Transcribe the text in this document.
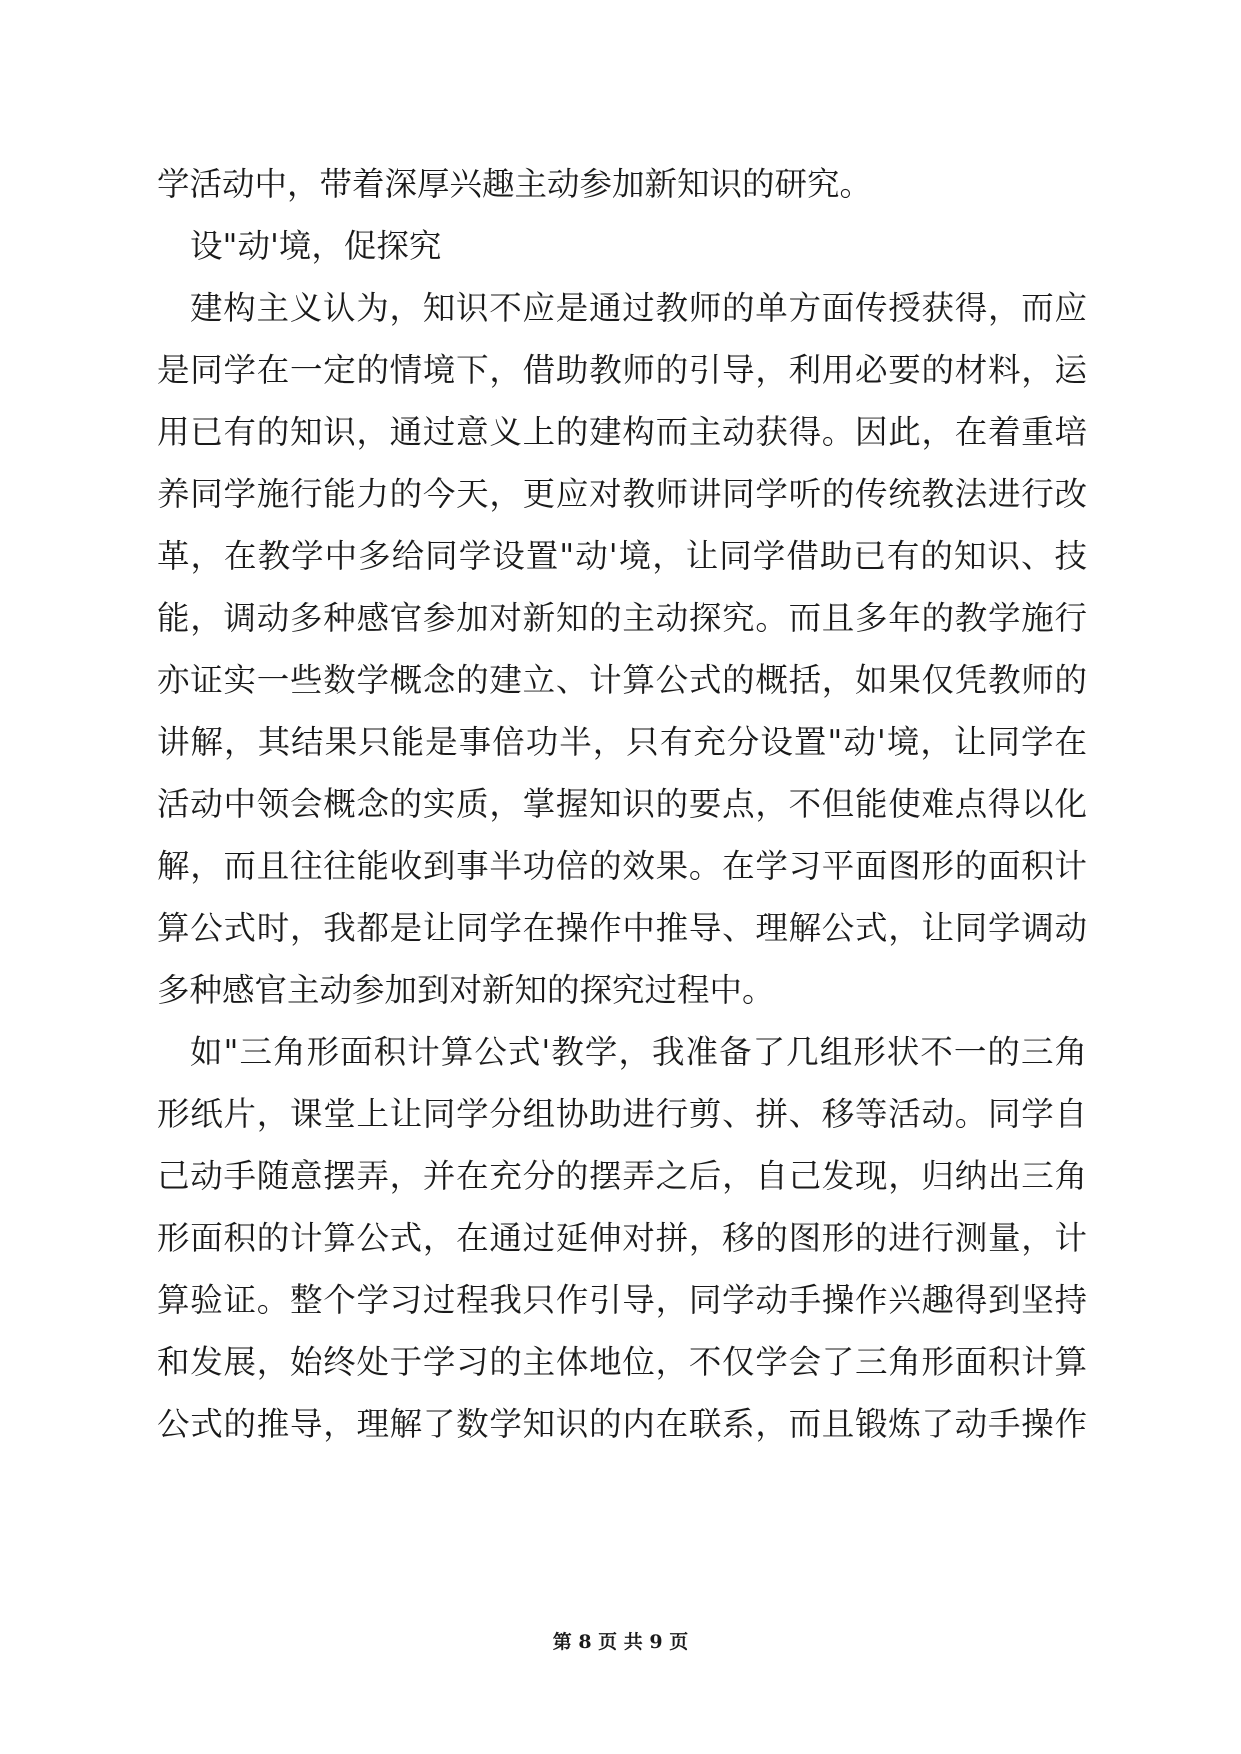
学活动中，带着深厚兴趣主动参加新知识的研究。
设"动'境，促探究
建构主义认为，知识不应是通过教师的单方面传授获得，而应
是同学在一定的情境下，借助教师的引导，利用必要的材料，运
用已有的知识，通过意义上的建构而主动获得。因此，在着重培
养同学施行能力的今天，更应对教师讲同学听的传统教法进行改
革，在教学中多给同学设置"动'境，让同学借助已有的知识、技
能，调动多种感官参加对新知的主动探究。而且多年的教学施行
亦证实一些数学概念的建立、计算公式的概括，如果仅凭教师的
讲解，其结果只能是事倍功半，只有充分设置"动'境，让同学在
活动中领会概念的实质，掌握知识的要点，不但能使难点得以化
解，而且往往能收到事半功倍的效果。在学习平面图形的面积计
算公式时，我都是让同学在操作中推导、理解公式，让同学调动
多种感官主动参加到对新知的探究过程中。
如"三角形面积计算公式'教学，我准备了几组形状不一的三角
形纸片，课堂上让同学分组协助进行剪、拼、移等活动。同学自
己动手随意摆弄，并在充分的摆弄之后，自己发现，归纳出三角
形面积的计算公式，在通过延伸对拼，移的图形的进行测量，计
算验证。整个学习过程我只作引导，同学动手操作兴趣得到坚持
和发展，始终处于学习的主体地位，不仅学会了三角形面积计算
公式的推导，理解了数学知识的内在联系，而且锻炼了动手操作
第 8 页 共 9 页
